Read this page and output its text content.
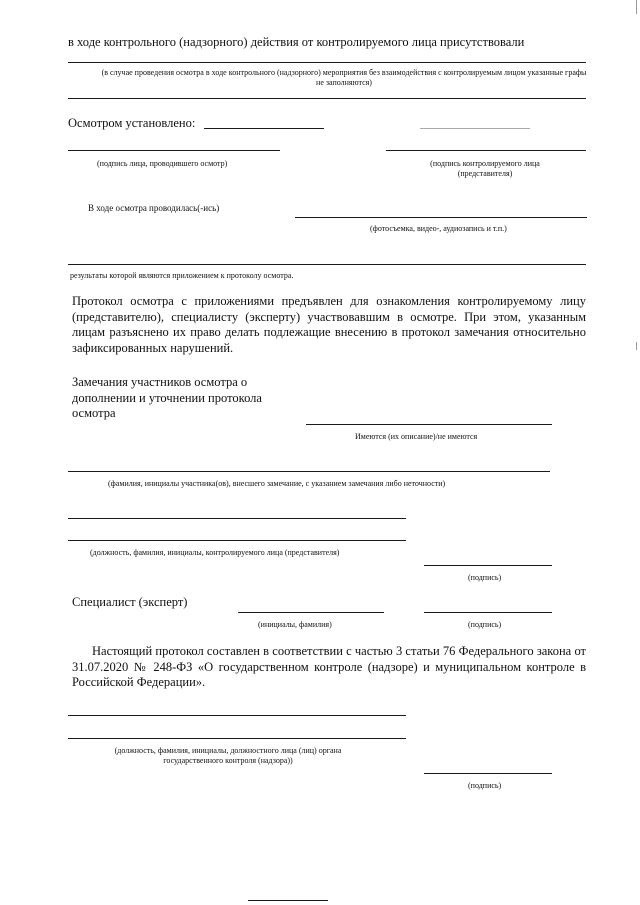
в ходе контрольного (надзорного) действия от контролируемого лица присутствовали
(в случае проведения осмотра в ходе контрольного (надзорного) мероприятия без взаимодействия с контролируемым лицом указанные графы не заполняются)
Осмотром установлено:
(подпись лица, проводившего осмотр)	(подпись контролируемого лица (представителя)
В ходе осмотра проводилась(-ись)
(фотосъемка, видео-, аудиозапись и т.п.)
результаты которой являются приложением к протоколу осмотра.
Протокол осмотра с приложениями предъявлен для ознакомления контролируемому лицу (представителю), специалисту (эксперту) участвовавшим в осмотре. При этом, указанным лицам разъяснено их право делать подлежащие внесению в протокол замечания относительно зафиксированных нарушений.
Замечания участников осмотра о дополнении и уточнении протокола осмотра
Имеются (их описание)/не имеются
(фамилия, инициалы участника(ов), внесшего замечание, с указанием замечания либо неточности)
(должность, фамилия, инициалы, контролируемого лица (представителя)
(подпись)
Специалист (эксперт)
(инициалы, фамилия)	(подпись)
Настоящий протокол составлен в соответствии с частью 3 статьи 76 Федерального закона от 31.07.2020 № 248-ФЗ «О государственном контроле (надзоре) и муниципальном контроле в Российской Федерации».
(должность, фамилия, инициалы, должностного лица (лиц) органа государственного контроля (надзора))
(подпись)
